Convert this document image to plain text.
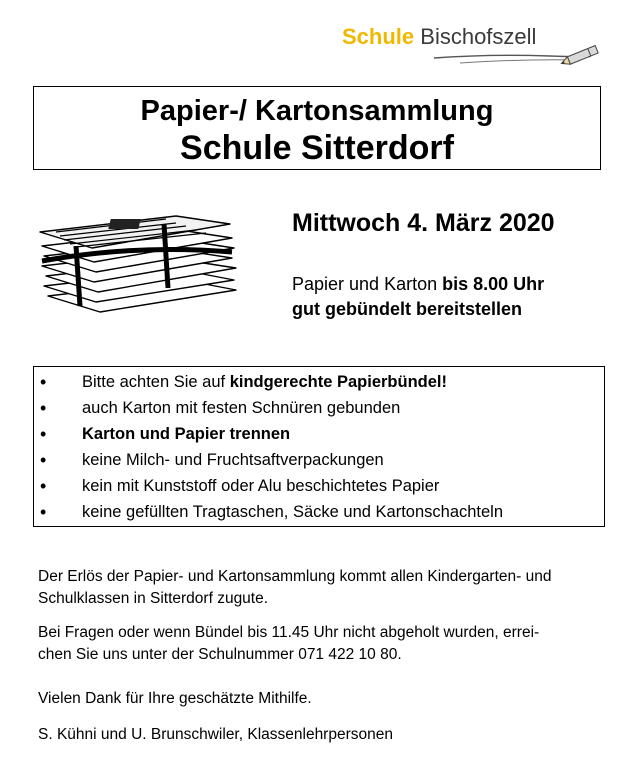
Schule Bischofszell
Papier-/ Kartonsammlung
Schule Sitterdorf
Mittwoch 4. März 2020
Papier und Karton bis 8.00 Uhr
gut gebündelt bereitstellen
• Bitte achten Sie auf kindgerechte Papierbündel!
• auch Karton mit festen Schnüren gebunden
• Karton und Papier trennen
• keine Milch- und Fruchtsaftverpackungen
• kein mit Kunststoff oder Alu beschichtetes Papier
• keine gefüllten Tragtaschen, Säcke und Kartonschachteln
Der Erlös der Papier- und Kartonsammlung kommt allen Kindergarten- und
Schulklassen in Sitterdorf zugute.
Bei Fragen oder wenn Bündel bis 11.45 Uhr nicht abgeholt wurden, errei-
chen Sie uns unter der Schulnummer 071 422 10 80.
Vielen Dank für Ihre geschätzte Mithilfe.
S. Kühni und U. Brunschwiler, Klassenlehrpersonen
